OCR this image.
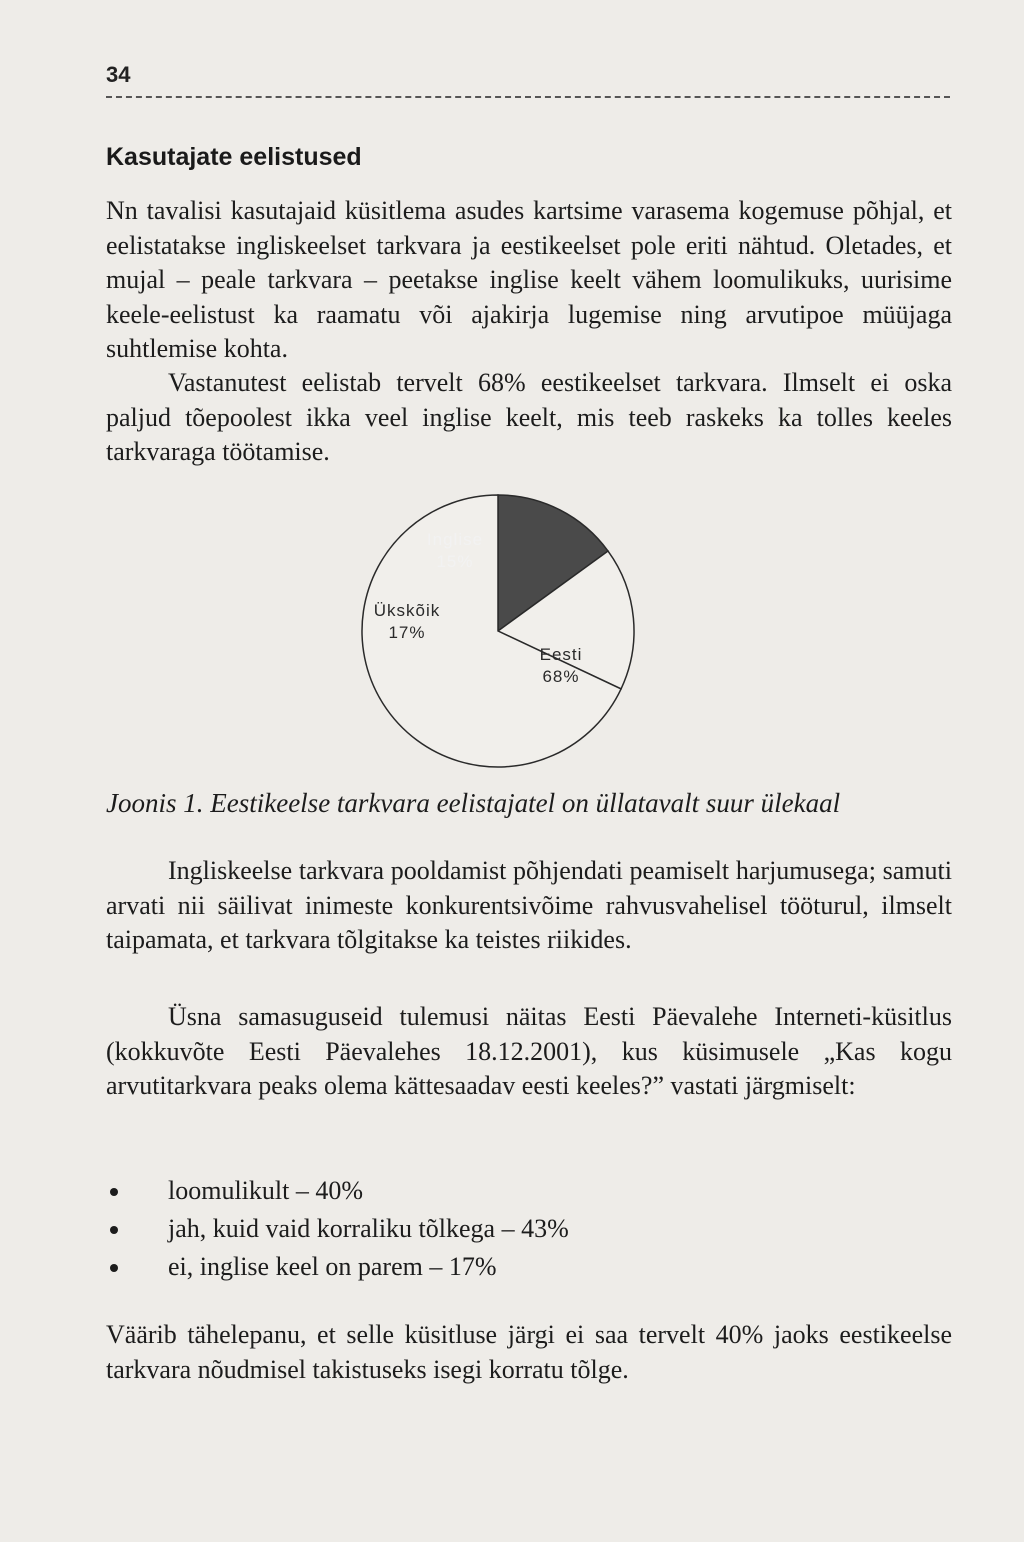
34
Kasutajate eelistused

Nn tavalisi kasutajaid küsitlema asudes kartsime varasema kogemuse põhjal, et eelistatakse ingliskeelset tarkvara ja eestikeelset pole eriti nähtud. Oletades, et mujal – peale tarkvara – peetakse inglise keelt vähem loomulikuks, uurisime keele-eelistust ka raamatu või ajakirja lugemise ning arvutipoe müüjaga suhtlemise kohta.

Vastanutest eelistab tervelt 68% eestikeelset tarkvara. Ilmselt ei oska paljud tõepoolest ikka veel inglise keelt, mis teeb raskeks ka tolles keeles tarkvaraga töötamise.

Inglise
15%
Ükskõik
17%
Eesti
68%
Joonis 1. Eestikeelse tarkvara eelistajatel on üllatavalt suur ülekaal

Ingliskeelse tarkvara pooldamist põhjendati peamiselt harjumusega; samuti arvati nii säilivat inimeste konkurentsivõime rahvusvahelisel tööturul, ilmselt taipamata, et tarkvara tõlgitakse ka teistes riikides.

Üsna samasuguseid tulemusi näitas Eesti Päevalehe Interneti-küsitlus (kokkuvõte Eesti Päevalehes 18.12.2001), kus küsimusele „Kas kogu arvutitarkvara peaks olema kättesaadav eesti keeles?” vastati järgmiselt:

loomulikult – 40%
jah, kuid vaid korraliku tõlkega – 43%
ei, inglise keel on parem – 17%

Väärib tähelepanu, et selle küsitluse järgi ei saa tervelt 40% jaoks eestikeelse tarkvara nõudmisel takistuseks isegi korratu tõlge.
